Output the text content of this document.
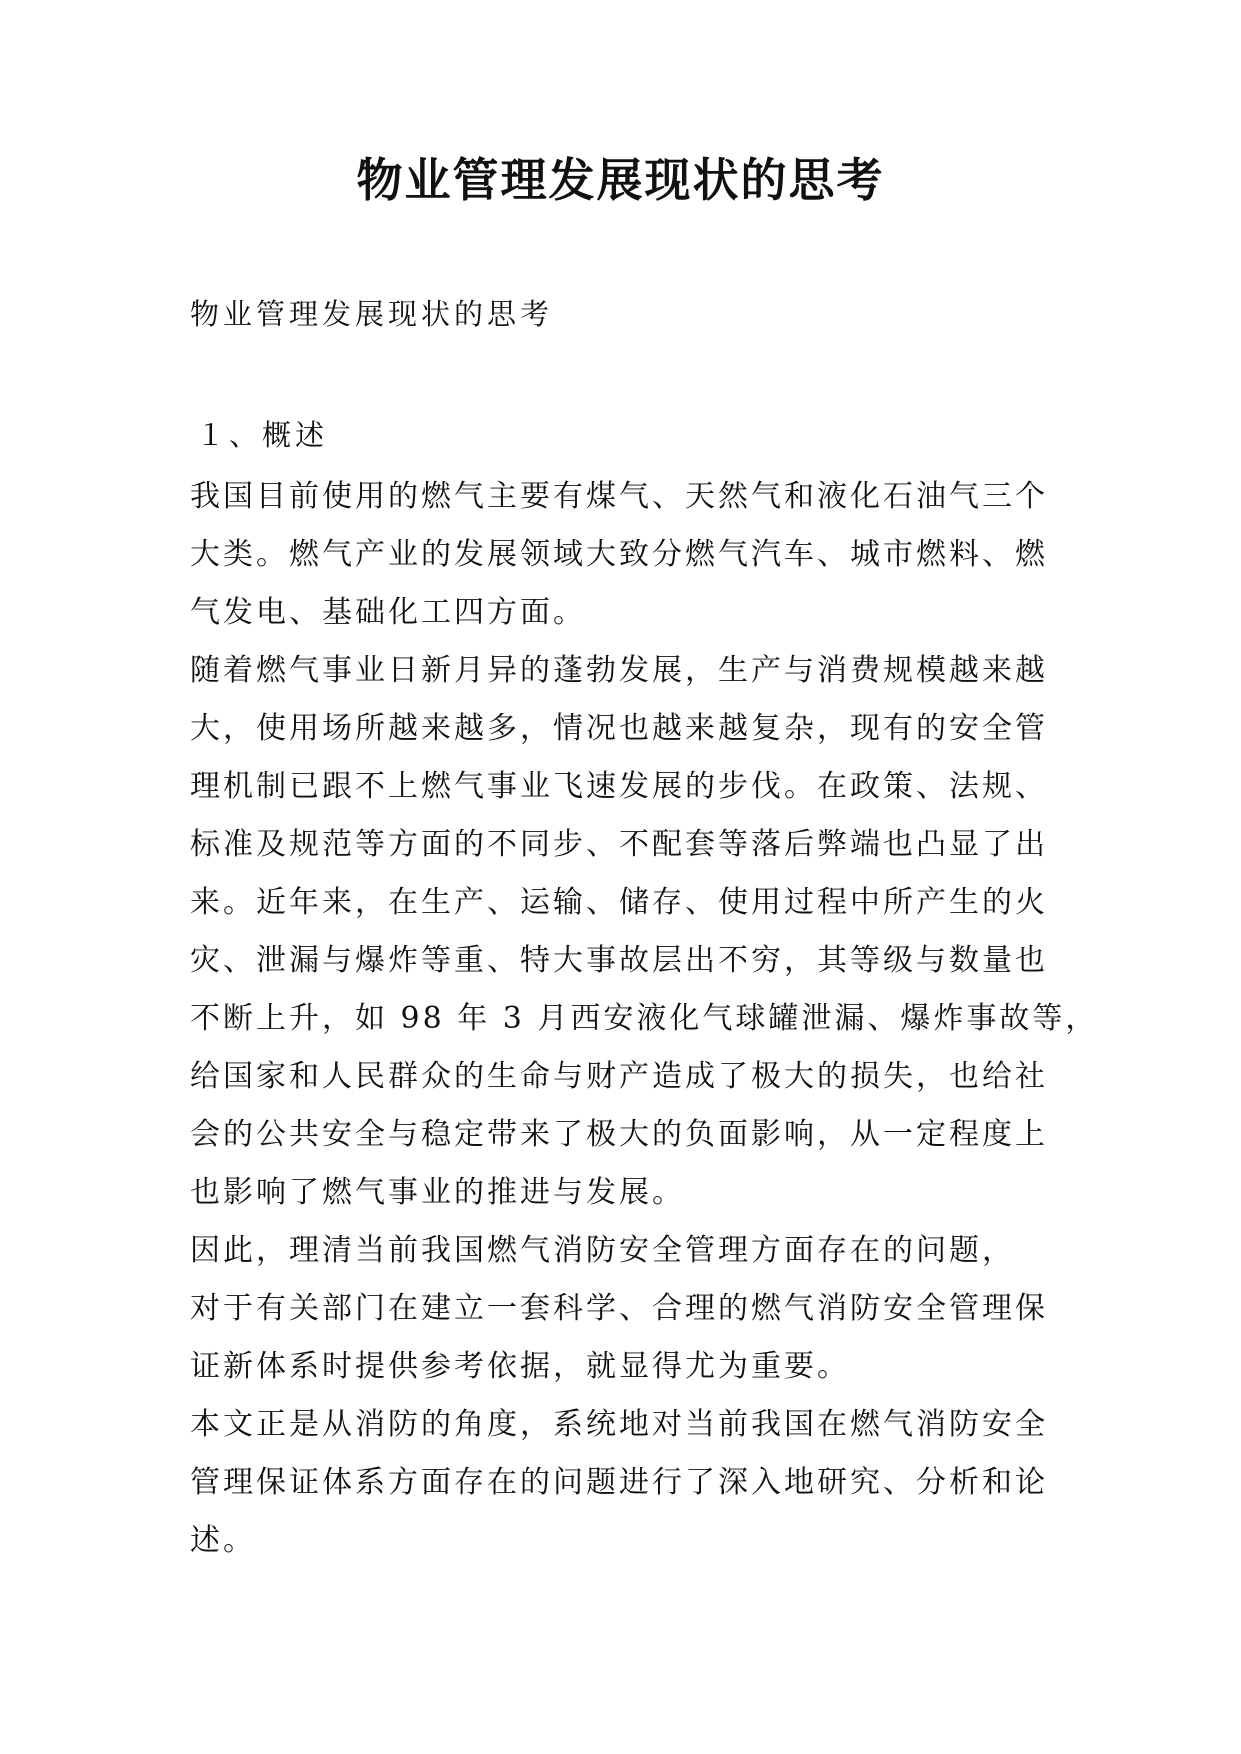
物业管理发展现状的思考
物业管理发展现状的思考
１、概述
我国目前使用的燃气主要有煤气、天然气和液化石油气三个
大类。燃气产业的发展领域大致分燃气汽车、城市燃料、燃
气发电、基础化工四方面。
随着燃气事业日新月异的蓬勃发展，生产与消费规模越来越
大，使用场所越来越多，情况也越来越复杂，现有的安全管
理机制已跟不上燃气事业飞速发展的步伐。在政策、法规、
标准及规范等方面的不同步、不配套等落后弊端也凸显了出
来。近年来，在生产、运输、储存、使用过程中所产生的火
灾、泄漏与爆炸等重、特大事故层出不穷，其等级与数量也
不断上升，如 98 年 3 月西安液化气球罐泄漏、爆炸事故等，
给国家和人民群众的生命与财产造成了极大的损失，也给社
会的公共安全与稳定带来了极大的负面影响，从一定程度上
也影响了燃气事业的推进与发展。
因此，理清当前我国燃气消防安全管理方面存在的问题，
对于有关部门在建立一套科学、合理的燃气消防安全管理保
证新体系时提供参考依据，就显得尤为重要。
本文正是从消防的角度，系统地对当前我国在燃气消防安全
管理保证体系方面存在的问题进行了深入地研究、分析和论
述。
